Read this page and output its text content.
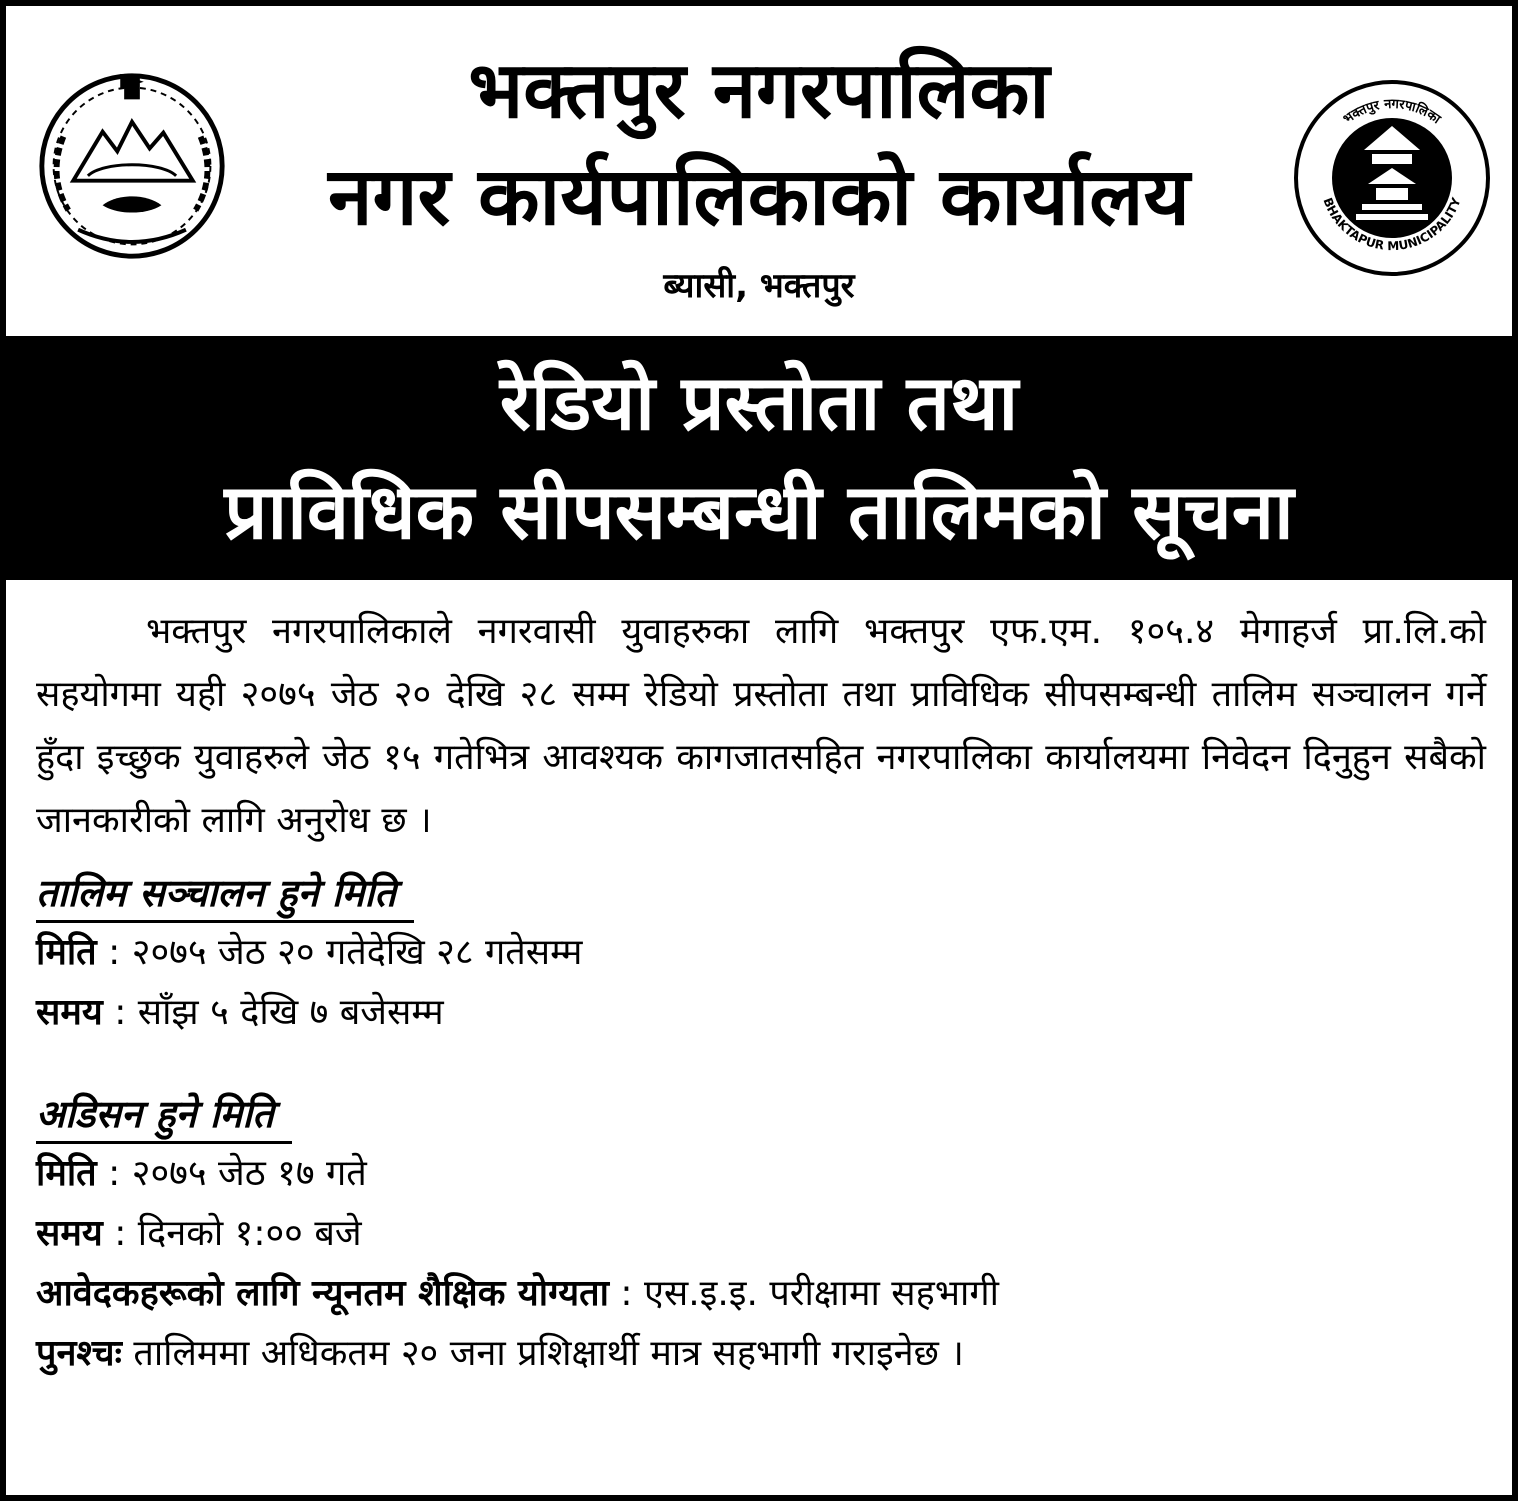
भक्तपुर नगरपालिका
नगर कार्यपालिकाको कार्यालय
ब्यासी, भक्तपुर
भक्तपुर नगरपालिका
BHAKTAPUR MUNICIPALITY
रेडियो प्रस्तोता तथा
प्राविधिक सीपसम्बन्धी तालिमको सूचना

भक्तपुर नगरपालिकाले नगरवासी युवाहरुका लागि भक्तपुर एफ.एम. १०५.४ मेगाहर्ज प्रा.लि.को सहयोगमा यही २०७५ जेठ २० देखि २८ सम्म रेडियो प्रस्तोता तथा प्राविधिक सीपसम्बन्धी तालिम सञ्चालन गर्ने हुँदा इच्छुक युवाहरुले जेठ १५ गतेभित्र आवश्यक कागजातसहित नगरपालिका कार्यालयमा निवेदन दिनुहुन सबैको जानकारीको लागि अनुरोध छ ।

तालिम सञ्चालन हुने मिति
मिति : २०७५ जेठ २० गतेदेखि २८ गतेसम्म
समय : साँझ ५ देखि ७ बजेसम्म
अडिसन हुने मिति
मिति : २०७५ जेठ १७ गते
समय : दिनको १:०० बजे
आवेदकहरूको लागि न्यूनतम शैक्षिक योग्यता : एस.इ.इ. परीक्षामा सहभागी
पुनश्चः तालिममा अधिकतम २० जना प्रशिक्षार्थी मात्र सहभागी गराइनेछ ।
